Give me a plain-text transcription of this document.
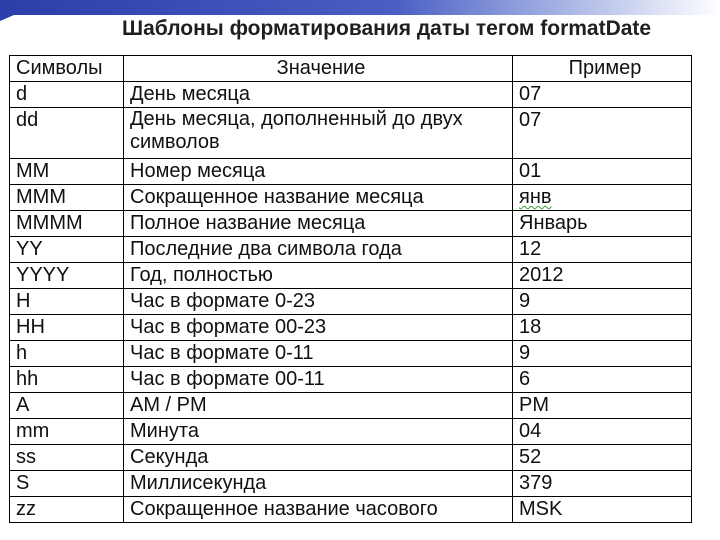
Шаблоны форматирования даты тегом formatDate
Символы	Значение	Пример
d	День месяца	07
dd	День месяца, дополненный до двух символов	07
MM	Номер месяца	01
MMM	Сокращенное название месяца	янв
MMMM	Полное название месяца	Январь
YY	Последние два символа года	12
YYYY	Год, полностью	2012
H	Час в формате 0-23	9
HH	Час в формате 00-23	18
h	Час в формате 0-11	9
hh	Час в формате 00-11	6
A	AM / PM	PM
mm	Минута	04
ss	Секунда	52
S	Миллисекунда	379
zz	Сокращенное название часового	MSK
